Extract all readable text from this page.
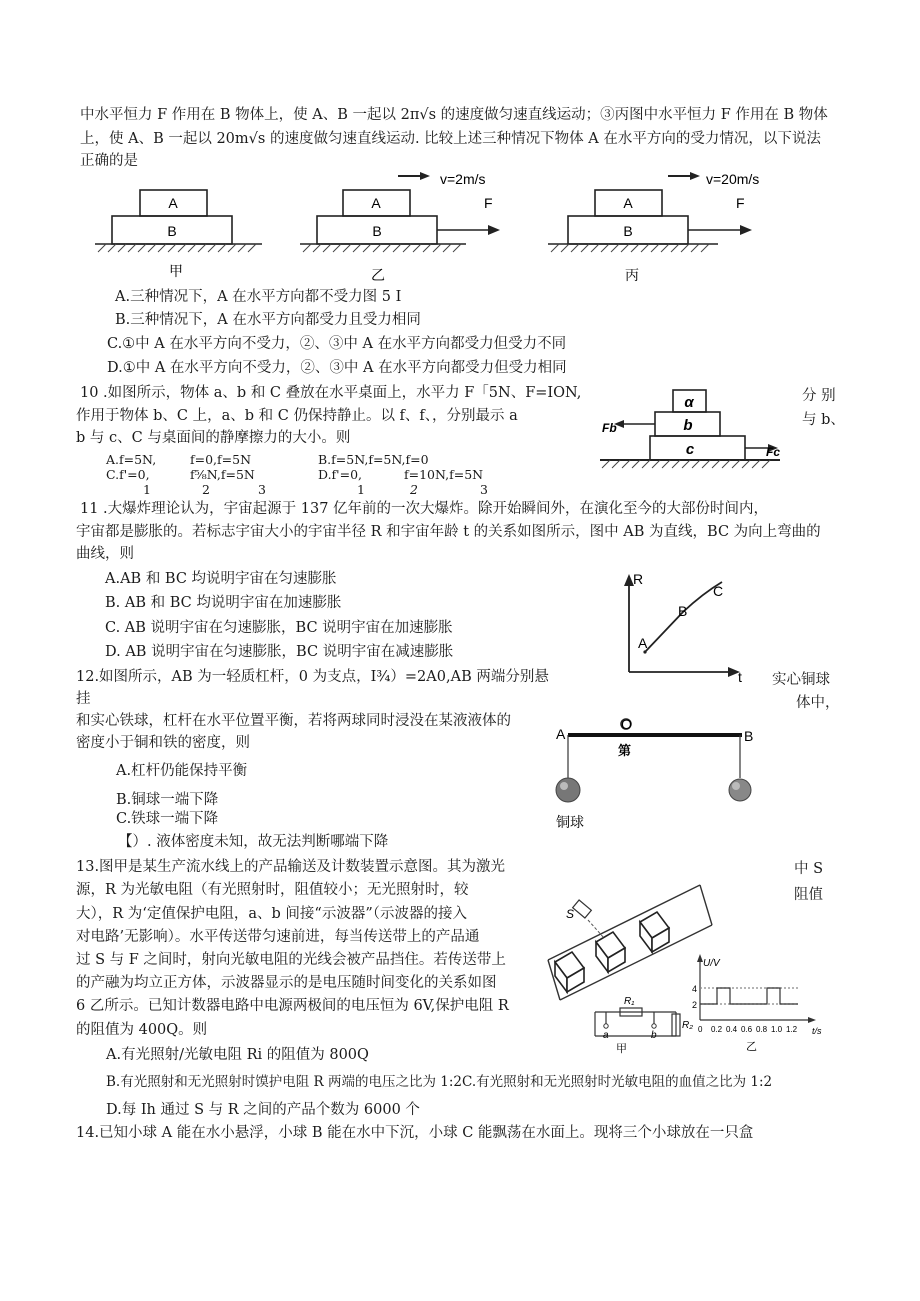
中水平恒力 F 作用在 B 物体上，使 A、B 一起以 2π√s 的速度做匀速直线运动；③丙图中水平恒力 F 作用在 B 物体
上，使 A、B 一起以 20m√s 的速度做匀速直线运动. 比较上述三种情况下物体 A 在水平方向的受力情况，以下说法
正确的是
A
B
甲
A
B
v=2m/s
F
乙
A
B
v=20m/s
F
丙
A.三种情况下，A 在水平方向都不受力图 5 I
B.三种情况下，A 在水平方向都受力且受力相同
C.①中 A 在水平方向不受力，②、③中 A 在水平方向都受力但受力不同
D.①中 A 在水平方向不受力，②、③中 A 在水平方向都受力但受力相同
10 .如图所示，物体 a、b 和 C 叠放在水平桌面上，水平力 F「5N、F=ION,
作用于物体 b、C 上，a、b 和 C 仍保持静止。以 f、f、，分别最示 a
b 与 c、C 与桌面间的静摩擦力的大小。则
分 别
与 b、
A.f=5N,	f=0,f=5N	B.f=5N,f=5N,f=0
C.f'=0,	f⅝N,f=5N	D.f'=0,	f=10N,f=5N
1	2	3	1	2	3
α
b
c
Fb
Fc
11 .大爆炸理论认为，宇宙起源于 137 亿年前的一次大爆炸。除开始瞬间外，在演化至今的大部份时间内，
宇宙都是膨胀的。若标志宇宙大小的宇宙半径 R 和宇宙年龄 t 的关系如图所示，图中 AB 为直线，BC 为向上弯曲的
曲线，则
A.AB 和 BC 均说明宇宙在匀速膨胀
B. AB 和 BC 均说明宇宙在加速膨胀
C. AB 说明宇宙在匀速膨胀，BC 说明宇宙在加速膨胀
D. AB 说明宇宙在匀速膨胀，BC 说明宇宙在减速膨胀
R
t
A
B
C
12.如图所示，AB 为一轻质杠杆，0 为支点，I¾）=2A0,AB 两端分别悬
挂
和实心铁球，杠杆在水平位置平衡，若将两球同时浸没在某液液体的
密度小于铜和铁的密度，则
实心铜球
体中，
A.杠杆仍能保持平衡
B.铜球一端下降
C.铁球一端下降
【）. 液体密度未知，故无法判断哪端下降
A	B
O
第
铜球
13.图甲是某生产流水线上的产品输送及计数装置示意图。其为激光
源，R 为光敏电阻（有光照射时，阻值较小；无光照射时，较
大），R 为‘定值保护电阻，a、b 间接“示波器”（示波器的接入
对电路’无影响）。水平传送带匀速前进，每当传送带上的产品通
过 S 与 F 之间时，射向光敏电阻的光线会被产品挡住。若传送带上
的产融为均立正方体，示波器显示的是电压随时间变化的关系如图
6 乙所示。已知计数器电路中电源两极间的电压恒为 6V,保护电阻 R
的阻值为 400Q。则
中 S
阻值
A.有光照射/光敏电阻 Ri 的阻值为 800Q
B.有光照射和无光照射时馍护电阻 R 两端的电压之比为 1:2C.有光照射和无光照射时光敏电阻的血值之比为 1:2
D.每 Ih 通过 S 与 R 之间的产品个数为 6000 个
S
R₁
R₂
a	b
甲
U/V
t/s
4
2
0 0.2 0.4 0.6 0.8 1.0 1.2
乙
14.已知小球 A 能在水小悬浮，小球 B 能在水中下沉，小球 C 能飘荡在水面上。现将三个小球放在一只盒
